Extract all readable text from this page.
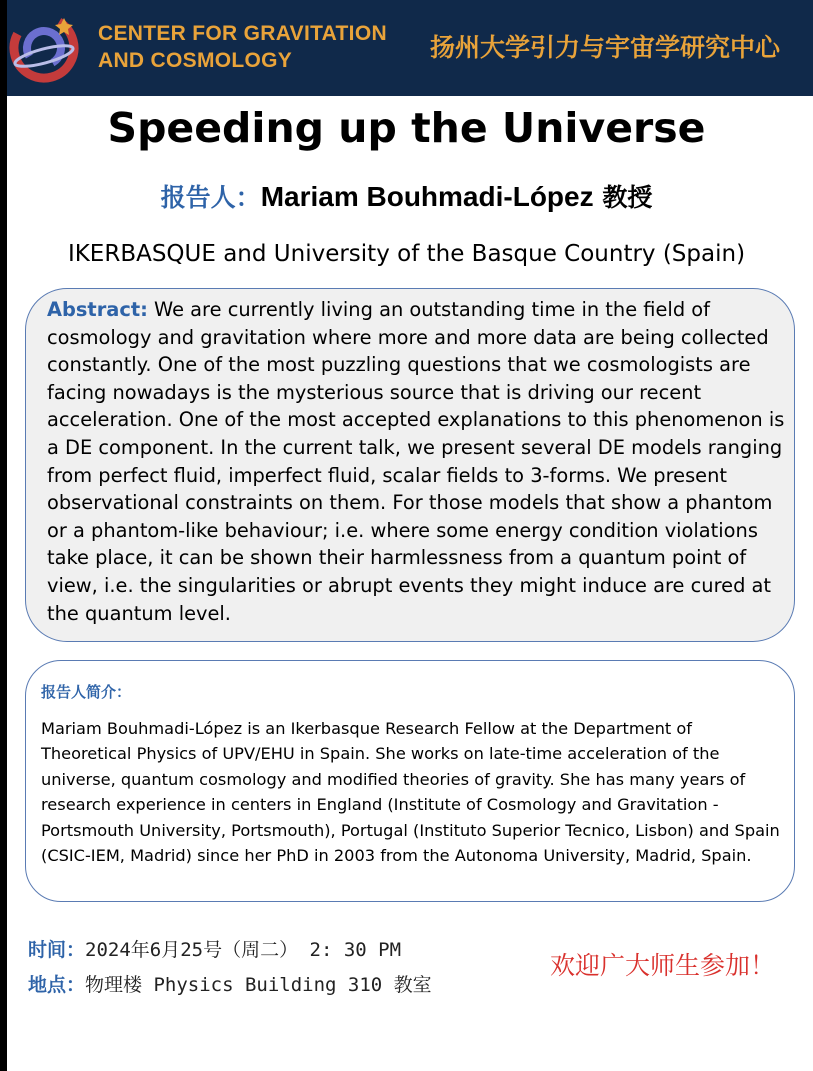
CENTER FOR GRAVITATION
AND COSMOLOGY	扬州大学引力与宇宙学研究中心
Speeding up the Universe
报告人：Mariam Bouhmadi-López 教授
IKERBASQUE and University of the Basque Country (Spain)
Abstract: We are currently living an outstanding time in the field of cosmology and gravitation where more and more data are being collected constantly. One of the most puzzling questions that we cosmologists are facing nowadays is the mysterious source that is driving our recent acceleration. One of the most accepted explanations to this phenomenon is a DE component. In the current talk, we present several DE models ranging from perfect fluid, imperfect fluid, scalar fields to 3-forms. We present observational constraints on them. For those models that show a phantom or a phantom-like behaviour; i.e. where some energy condition violations take place, it can be shown their harmlessness from a quantum point of view, i.e. the singularities or abrupt events they might induce are cured at the quantum level.
报告人简介：
Mariam Bouhmadi-López is an Ikerbasque Research Fellow at the Department of Theoretical Physics of UPV/EHU in Spain. She works on late-time acceleration of the universe, quantum cosmology and modified theories of gravity. She has many years of research experience in centers in England (Institute of Cosmology and Gravitation - Portsmouth University, Portsmouth), Portugal (Instituto Superior Tecnico, Lisbon) and Spain (CSIC-IEM, Madrid) since her PhD in 2003 from the Autonoma University, Madrid, Spain.
时间：2024年6月25号（周二） 2: 30 PM
地点：物理楼 Physics Building 310 教室
欢迎广大师生参加！
